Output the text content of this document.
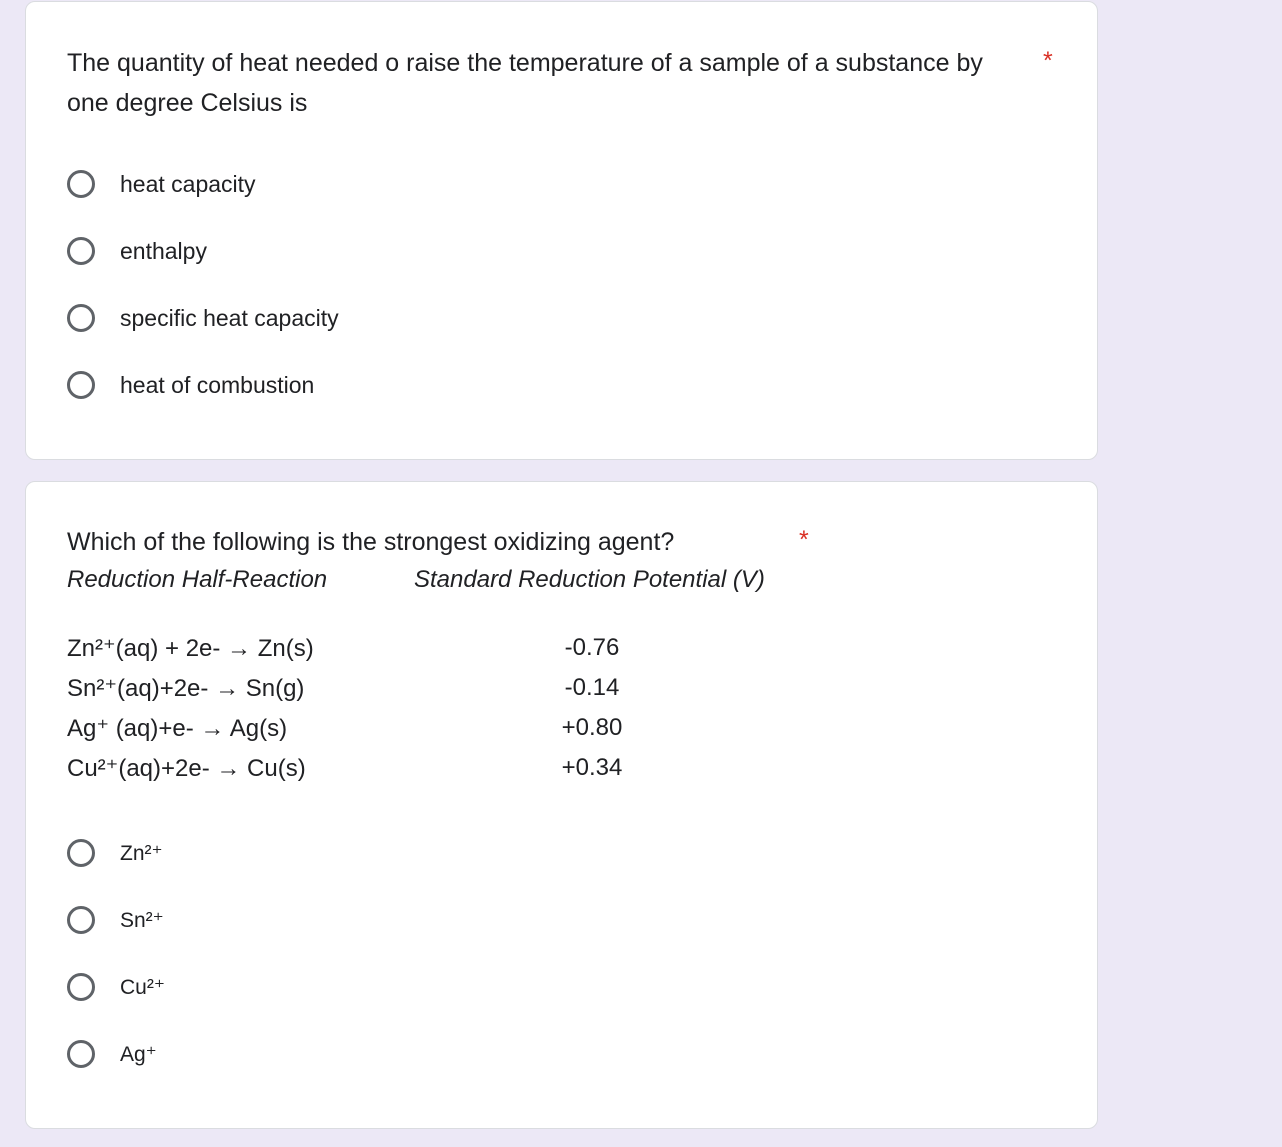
The quantity of heat needed o raise the temperature of a sample of a substance by one degree Celsius is
*
heat capacity
enthalpy
specific heat capacity
heat of combustion
Which of the following is the strongest oxidizing agent?	*
Reduction Half-Reaction	Standard Reduction Potential (V)
Zn²⁺(aq) + 2e- → Zn(s)	-0.76
Sn²⁺(aq)+2e- → Sn(g)	-0.14
Ag⁺ (aq)+e- → Ag(s)	+0.80
Cu²⁺(aq)+2e- → Cu(s)	+0.34
Zn²⁺
Sn²⁺
Cu²⁺
Ag⁺
